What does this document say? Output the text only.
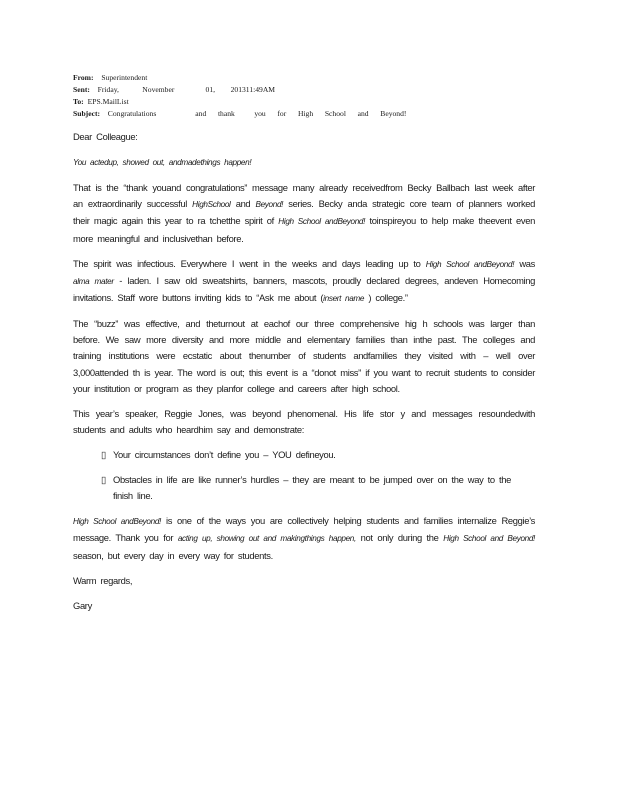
From: Superintendent
Sent: Friday,      November        01,    201311:49AM
To: EPS.MailList
Subject: Congratulations          and   thank     you   for   High   School   and   Beyond!

Dear Colleague:

You actedup, showed out, andmadethings happen!

That is the “thank youand congratulations” message many already receivedfrom Becky Ballbach last week after an extraordinarily successful HighSchool and Beyond! series. Becky anda strategic core team of planners worked their magic again this year to ra tchetthe spirit of High School andBeyond! toinspireyou to help make theevent even more meaningful and inclusivethan before.

The spirit was infectious. Everywhere I went in the weeks and days leading up to High School andBeyond! was alma mater - laden. I saw old sweatshirts, banners, mascots, proudly declared degrees, andeven Homecoming invitations. Staff wore buttons inviting kids to “Ask me about (insert name ) college.”

The “buzz” was effective, and theturnout at eachof our three comprehensive hig h schools was larger than before. We saw more diversity and more middle and elementary families than inthe past. The colleges and training institutions were ecstatic about thenumber of students andfamilies they visited with – well over 3,000attended th is year. The word is out; this event is a “donot miss” if you want to recruit students to consider your institution or program as they planfor college and careers after high school.

This year’s speaker, Reggie Jones, was beyond phenomenal. His life stor y and messages resoundedwith students and adults who heardhim say and demonstrate:

▯ Your circumstances don’t define you – YOU defineyou.
▯ Obstacles in life are like runner’s hurdles – they are meant to be jumped over on the way to the finish line.

High School andBeyond! is one of the ways you are collectively helping students and families internalize Reggie’s message. Thank you for acting up, showing out and makingthings happen, not only during the High School and Beyond! season, but every day in every way for students.

Warm regards,
Gary
